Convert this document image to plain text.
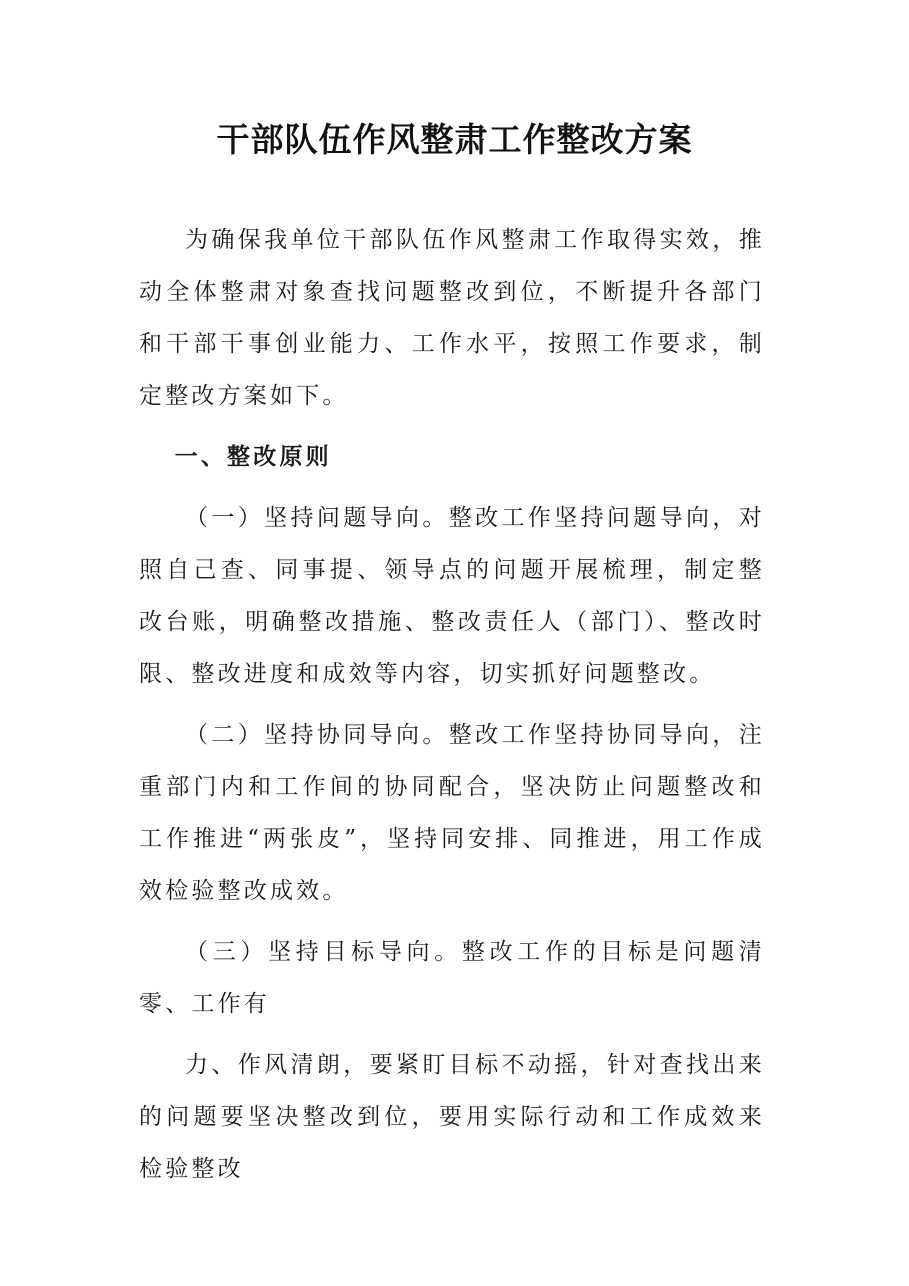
干部队伍作风整肃工作整改方案

为确保我单位干部队伍作风整肃工作取得实效，推动全体整肃对象查找问题整改到位，不断提升各部门和干部干事创业能力、工作水平，按照工作要求，制定整改方案如下。

一、整改原则

（一）坚持问题导向。整改工作坚持问题导向，对照自己查、同事提、领导点的问题开展梳理，制定整改台账，明确整改措施、整改责任人（部门）、整改时限、整改进度和成效等内容，切实抓好问题整改。

（二）坚持协同导向。整改工作坚持协同导向，注重部门内和工作间的协同配合，坚决防止问题整改和工作推进“两张皮”，坚持同安排、同推进，用工作成效检验整改成效。

（三）坚持目标导向。整改工作的目标是问题清零、工作有

力、作风清朗，要紧盯目标不动摇，针对查找出来的问题要坚决整改到位，要用实际行动和工作成效来检验整改
